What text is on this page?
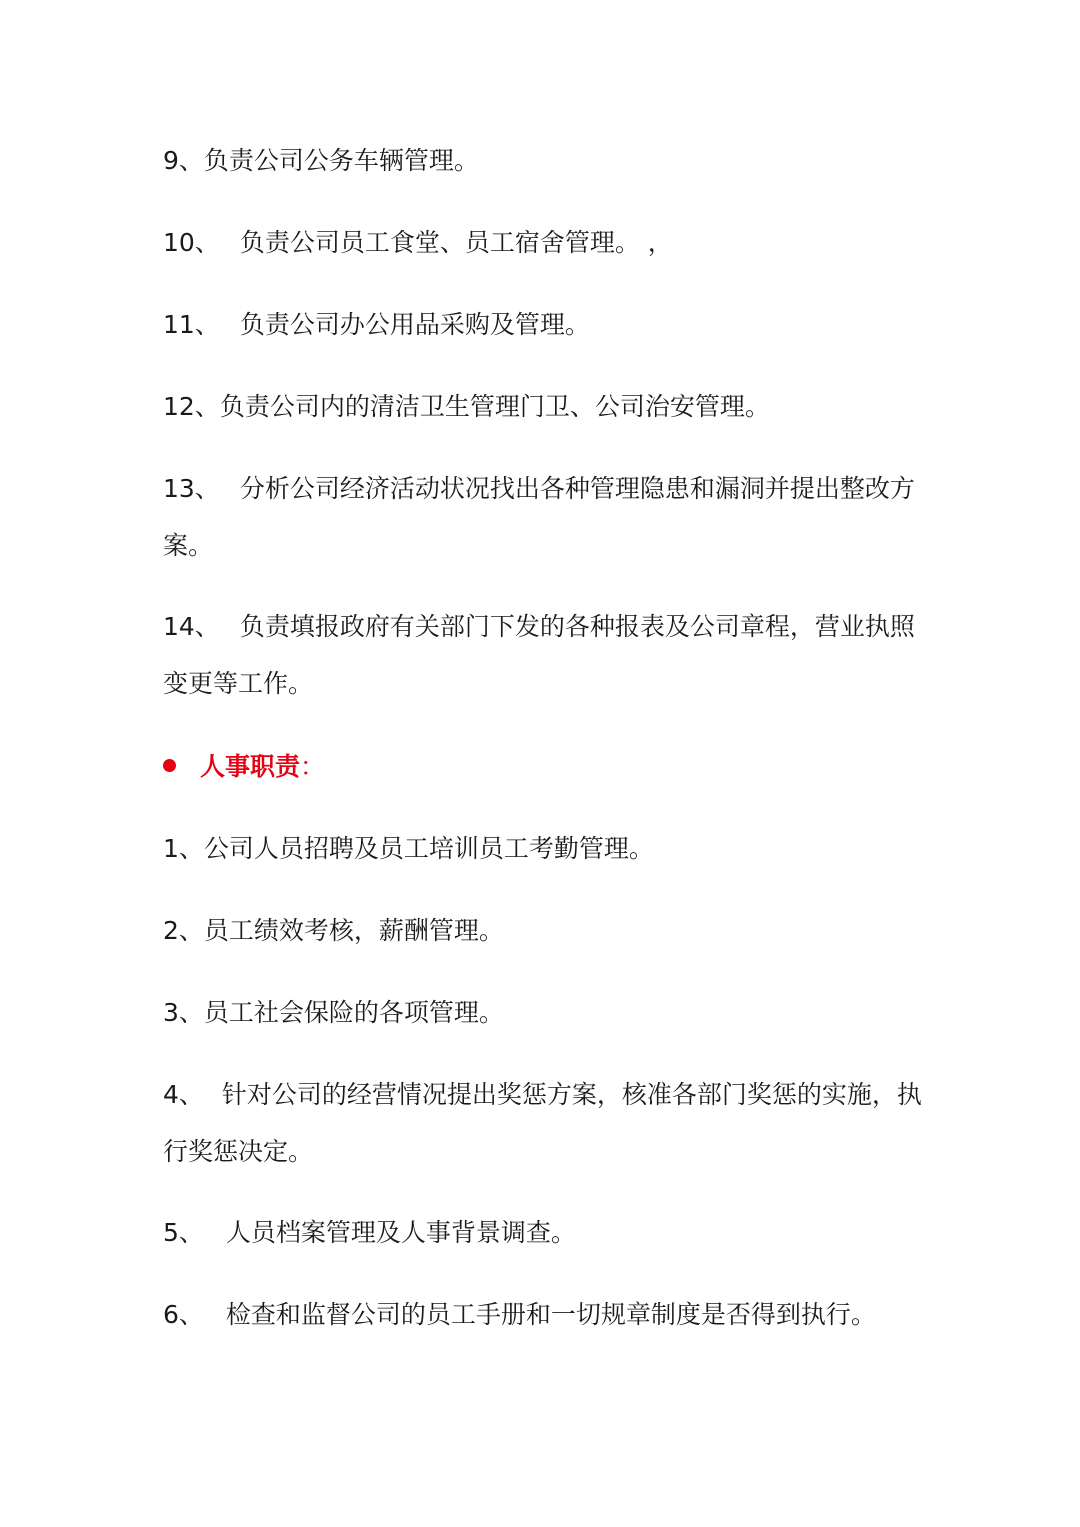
9、负责公司公务车辆管理。
10、 负责公司员工食堂、员工宿舍管理。 ，
11、 负责公司办公用品采购及管理。
12、负责公司内的清洁卫生管理门卫、公司治安管理。
13、 分析公司经济活动状况找出各种管理隐患和漏洞并提出整改方案。
14、 负责填报政府有关部门下发的各种报表及公司章程，营业执照变更等工作。
人事职责：
1、公司人员招聘及员工培训员工考勤管理。
2、员工绩效考核，薪酬管理。
3、员工社会保险的各项管理。
4、 针对公司的经营情况提出奖惩方案，核准各部门奖惩的实施，执行奖惩决定。
5、 人员档案管理及人事背景调查。
6、 检查和监督公司的员工手册和一切规章制度是否得到执行。
